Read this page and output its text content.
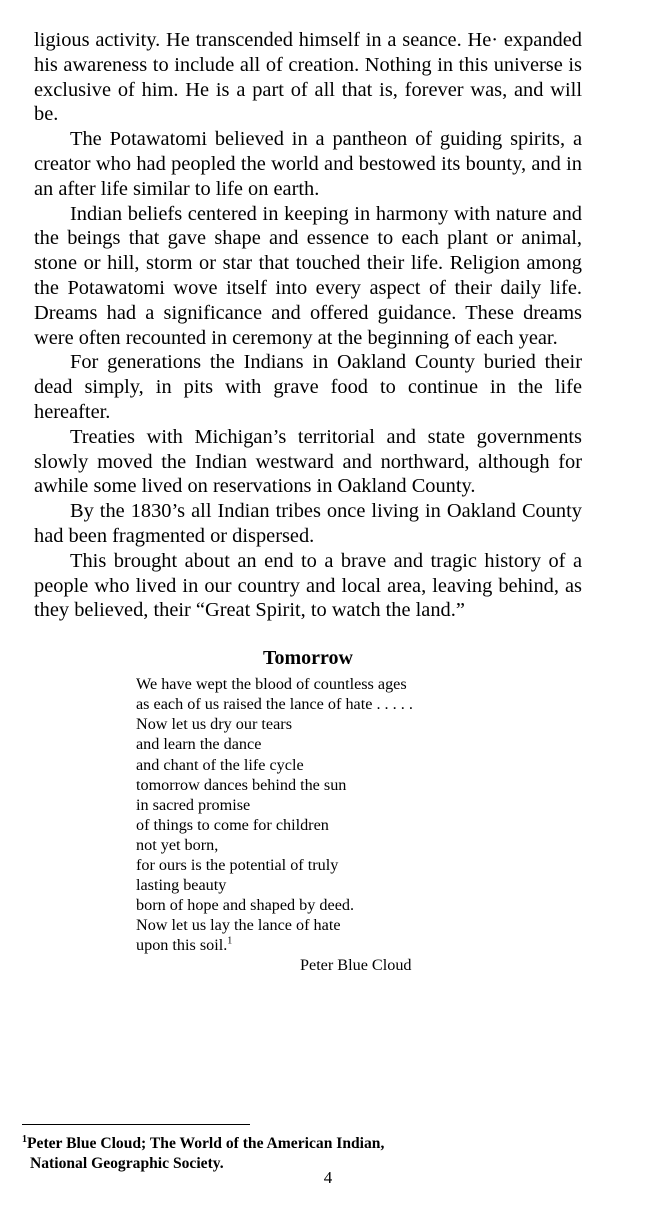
ligious activity. He transcended himself in a seance. He· expanded his awareness to include all of creation. Nothing in this universe is exclusive of him. He is a part of all that is, forever was, and will be.

The Potawatomi believed in a pantheon of guiding spirits, a creator who had peopled the world and bestowed its bounty, and in an after life similar to life on earth.

Indian beliefs centered in keeping in harmony with nature and the beings that gave shape and essence to each plant or animal, stone or hill, storm or star that touched their life. Religion among the Potawatomi wove itself into every aspect of their daily life. Dreams had a significance and offered guidance. These dreams were often recounted in ceremony at the beginning of each year.

For generations the Indians in Oakland County buried their dead simply, in pits with grave food to continue in the life hereafter.

Treaties with Michigan’s territorial and state governments slowly moved the Indian westward and northward, although for awhile some lived on reservations in Oakland County.

By the 1830’s all Indian tribes once living in Oakland County had been fragmented or dispersed.

This brought about an end to a brave and tragic history of a people who lived in our country and local area, leaving behind, as they believed, their “Great Spirit, to watch the land.”

Tomorrow
We have wept the blood of countless ages
as each of us raised the lance of hate . . . . .
Now let us dry our tears
and learn the dance
and chant of the life cycle
tomorrow dances behind the sun
in sacred promise
of things to come for children
not yet born,
for ours is the potential of truly
lasting beauty
born of hope and shaped by deed.
Now let us lay the lance of hate
upon this soil.$^1$
Peter Blue Cloud
$^1$Peter Blue Cloud; The World of the American Indian,
National Geographic Society.
4
